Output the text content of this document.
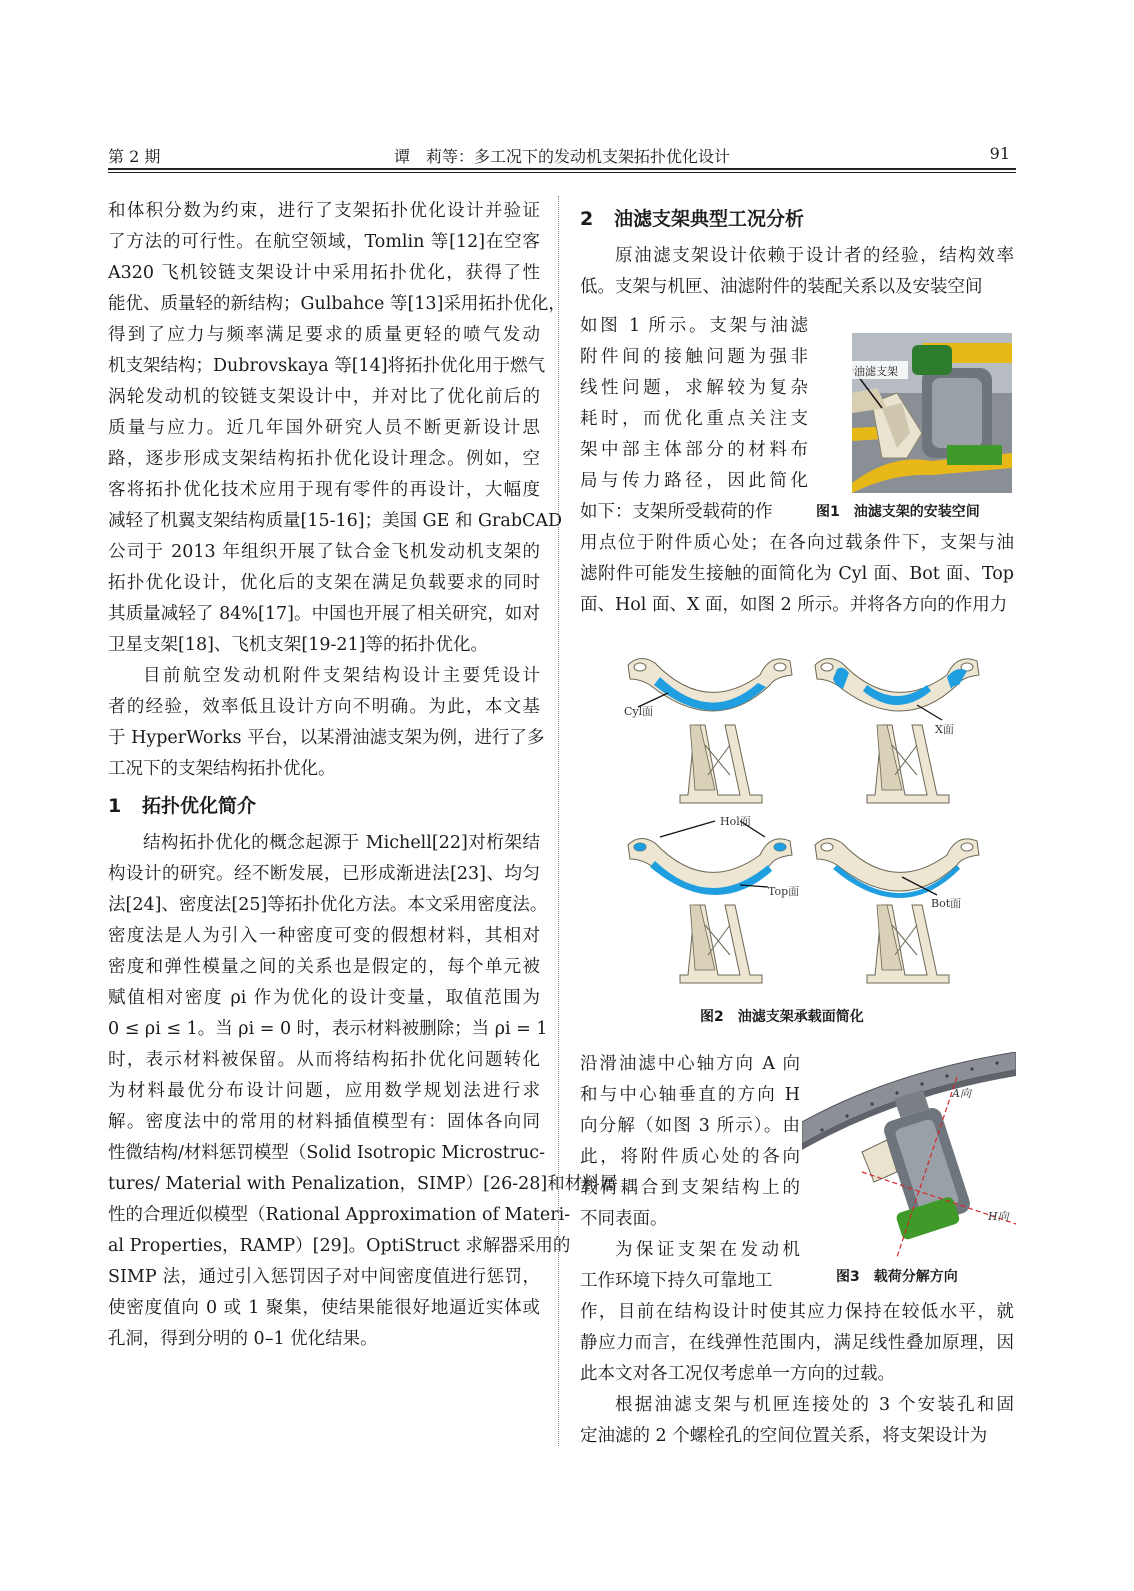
第 2 期	谭　莉等：多工况下的发动机支架拓扑优化设计	91
和体积分数为约束，进行了支架拓扑优化设计并验证
了方法的可行性。在航空领域，Tomlin 等[12]在空客
A320 飞机铰链支架设计中采用拓扑优化，获得了性
能优、质量轻的新结构；Gulbahce 等[13]采用拓扑优化，
得到了应力与频率满足要求的质量更轻的喷气发动
机支架结构；Dubrovskaya 等[14]将拓扑优化用于燃气
涡轮发动机的铰链支架设计中，并对比了优化前后的
质量与应力。近几年国外研究人员不断更新设计思
路，逐步形成支架结构拓扑优化设计理念。例如，空
客将拓扑优化技术应用于现有零件的再设计，大幅度
减轻了机翼支架结构质量[15-16]；美国 GE 和 GrabCAD
公司于 2013 年组织开展了钛合金飞机发动机支架的
拓扑优化设计，优化后的支架在满足负载要求的同时
其质量减轻了 84%[17]。中国也开展了相关研究，如对
卫星支架[18]、飞机支架[19-21]等的拓扑优化。
目前航空发动机附件支架结构设计主要凭设计
者的经验，效率低且设计方向不明确。为此，本文基
于 HyperWorks 平台，以某滑油滤支架为例，进行了多
工况下的支架结构拓扑优化。
1 拓扑优化简介
结构拓扑优化的概念起源于 Michell[22]对桁架结
构设计的研究。经不断发展，已形成渐进法[23]、均匀
法[24]、密度法[25]等拓扑优化方法。本文采用密度法。
密度法是人为引入一种密度可变的假想材料，其相对
密度和弹性模量之间的关系也是假定的，每个单元被
赋值相对密度 ρi 作为优化的设计变量，取值范围为
0 ≤ ρi ≤ 1。当 ρi = 0 时，表示材料被删除；当 ρi = 1
时，表示材料被保留。从而将结构拓扑优化问题转化
为材料最优分布设计问题，应用数学规划法进行求
解。密度法中的常用的材料插值模型有：固体各向同
性微结构/材料惩罚模型（Solid Isotropic Microstruc-
tures/ Material with Penalization，SIMP）[26-28]和材料属
性的合理近似模型（Rational Approximation of Materi-
al Properties，RAMP）[29]。OptiStruct 求解器采用的
SIMP 法，通过引入惩罚因子对中间密度值进行惩罚，
使密度值向 0 或 1 聚集，使结果能很好地逼近实体或
孔洞，得到分明的 0–1 优化结果。
2 油滤支架典型工况分析
原油滤支架设计依赖于设计者的经验，结构效率
低。支架与机匣、油滤附件的装配关系以及安装空间
如图 1 所示。支架与油滤
附件间的接触问题为强非
线性问题，求解较为复杂
耗时，而优化重点关注支
架中部主体部分的材料布
局与传力路径，因此简化
如下：支架所受载荷的作
油滤支架
图1　油滤支架的安装空间
用点位于附件质心处；在各向过载条件下，支架与油
滤附件可能发生接触的面简化为 Cyl 面、Bot 面、Top
面、Hol 面、X 面，如图 2 所示。并将各方向的作用力
Cyl面
X面
Hol面
Top面
Bot面
图2　油滤支架承载面简化
沿滑油滤中心轴方向 A 向
和与中心轴垂直的方向 H
向分解（如图 3 所示）。由
此，将附件质心处的各向
载荷耦合到支架结构上的
不同表面。
为保证支架在发动机
工作环境下持久可靠地工
A向
H向
图3　载荷分解方向
作，目前在结构设计时使其应力保持在较低水平，就
静应力而言，在线弹性范围内，满足线性叠加原理，因
此本文对各工况仅考虑单一方向的过载。
根据油滤支架与机匣连接处的 3 个安装孔和固
定油滤的 2 个螺栓孔的空间位置关系，将支架设计为
